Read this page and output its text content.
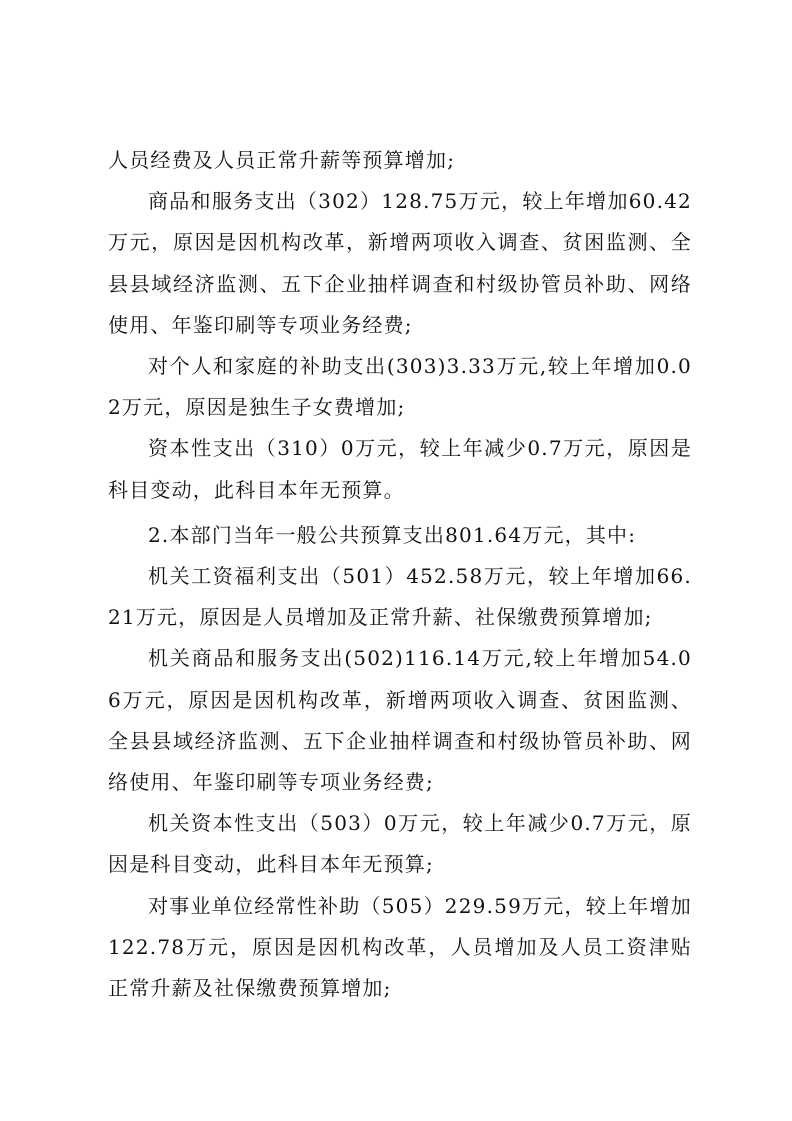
人员经费及人员正常升薪等预算增加;

商品和服务支出（302）128.75万元，较上年增加60.42万元，原因是因机构改革，新增两项收入调查、贫困监测、全县县域经济监测、五下企业抽样调查和村级协管员补助、网络使用、年鉴印刷等专项业务经费;

对个人和家庭的补助支出(303)3.33万元,较上年增加0.02万元，原因是独生子女费增加;

资本性支出（310）0万元，较上年减少0.7万元，原因是科目变动，此科目本年无预算。

2.本部门当年一般公共预算支出801.64万元，其中:

机关工资福利支出（501）452.58万元，较上年增加66.21万元，原因是人员增加及正常升薪、社保缴费预算增加;

机关商品和服务支出(502)116.14万元,较上年增加54.06万元，原因是因机构改革，新增两项收入调查、贫困监测、全县县域经济监测、五下企业抽样调查和村级协管员补助、网络使用、年鉴印刷等专项业务经费;

机关资本性支出（503）0万元，较上年减少0.7万元，原因是科目变动，此科目本年无预算;

对事业单位经常性补助（505）229.59万元，较上年增加122.78万元，原因是因机构改革，人员增加及人员工资津贴正常升薪及社保缴费预算增加;
